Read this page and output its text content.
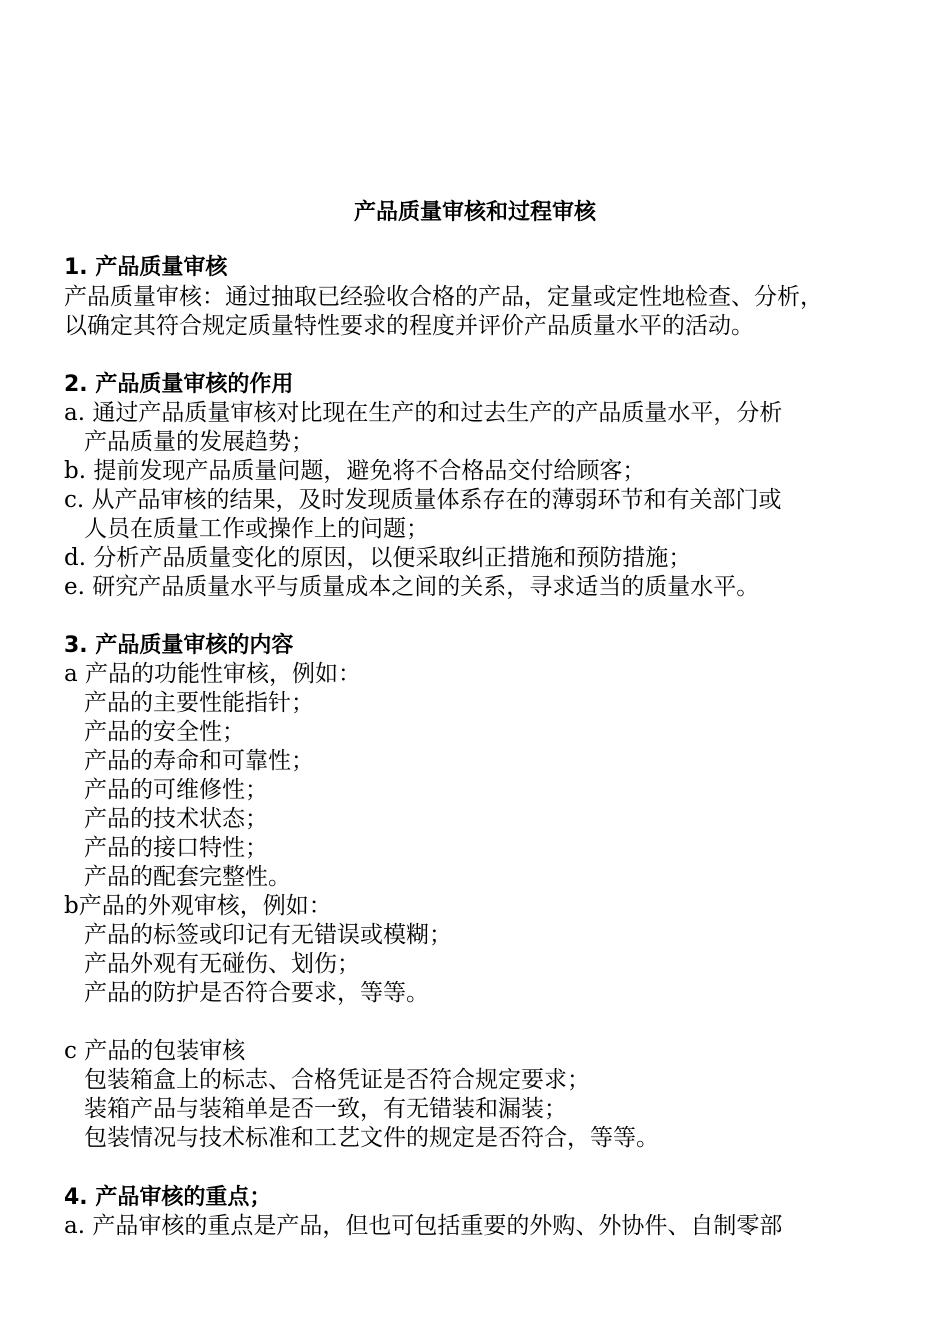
产品质量审核和过程审核
1. 产品质量审核
产品质量审核：通过抽取已经验收合格的产品，定量或定性地检查、分析，
以确定其符合规定质量特性要求的程度并评价产品质量水平的活动。
2. 产品质量审核的作用
a. 通过产品质量审核对比现在生产的和过去生产的产品质量水平，分析
产品质量的发展趋势；
b. 提前发现产品质量问题，避免将不合格品交付给顾客；
c. 从产品审核的结果，及时发现质量体系存在的薄弱环节和有关部门或
人员在质量工作或操作上的问题；
d. 分析产品质量变化的原因，以便采取纠正措施和预防措施；
e. 研究产品质量水平与质量成本之间的关系，寻求适当的质量水平。
3. 产品质量审核的内容
a 产品的功能性审核，例如：
产品的主要性能指针；
产品的安全性；
产品的寿命和可靠性；
产品的可维修性；
产品的技术状态；
产品的接口特性；
产品的配套完整性。
b产品的外观审核，例如：
产品的标签或印记有无错误或模糊；
产品外观有无碰伤、划伤；
产品的防护是否符合要求，等等。
c 产品的包装审核
包装箱盒上的标志、合格凭证是否符合规定要求；
装箱产品与装箱单是否一致，有无错装和漏装；
包装情况与技术标准和工艺文件的规定是否符合，等等。
4. 产品审核的重点；
a. 产品审核的重点是产品，但也可包括重要的外购、外协件、自制零部
